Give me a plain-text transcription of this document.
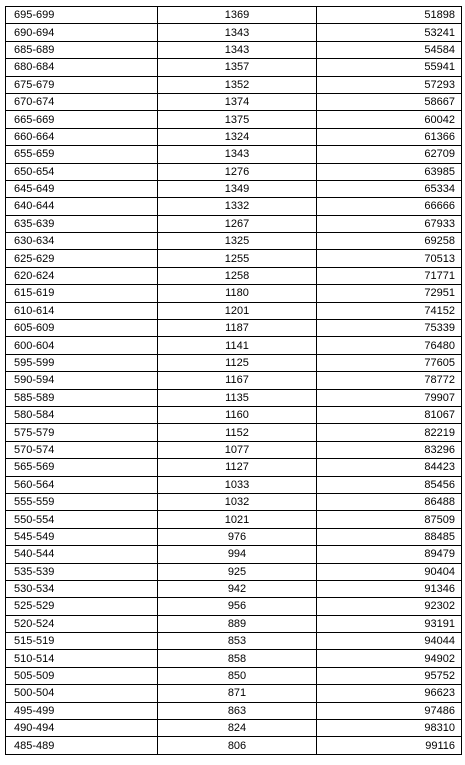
695-699	1369	51898
690-694	1343	53241
685-689	1343	54584
680-684	1357	55941
675-679	1352	57293
670-674	1374	58667
665-669	1375	60042
660-664	1324	61366
655-659	1343	62709
650-654	1276	63985
645-649	1349	65334
640-644	1332	66666
635-639	1267	67933
630-634	1325	69258
625-629	1255	70513
620-624	1258	71771
615-619	1180	72951
610-614	1201	74152
605-609	1187	75339
600-604	1141	76480
595-599	1125	77605
590-594	1167	78772
585-589	1135	79907
580-584	1160	81067
575-579	1152	82219
570-574	1077	83296
565-569	1127	84423
560-564	1033	85456
555-559	1032	86488
550-554	1021	87509
545-549	976	88485
540-544	994	89479
535-539	925	90404
530-534	942	91346
525-529	956	92302
520-524	889	93191
515-519	853	94044
510-514	858	94902
505-509	850	95752
500-504	871	96623
495-499	863	97486
490-494	824	98310
485-489	806	99116
